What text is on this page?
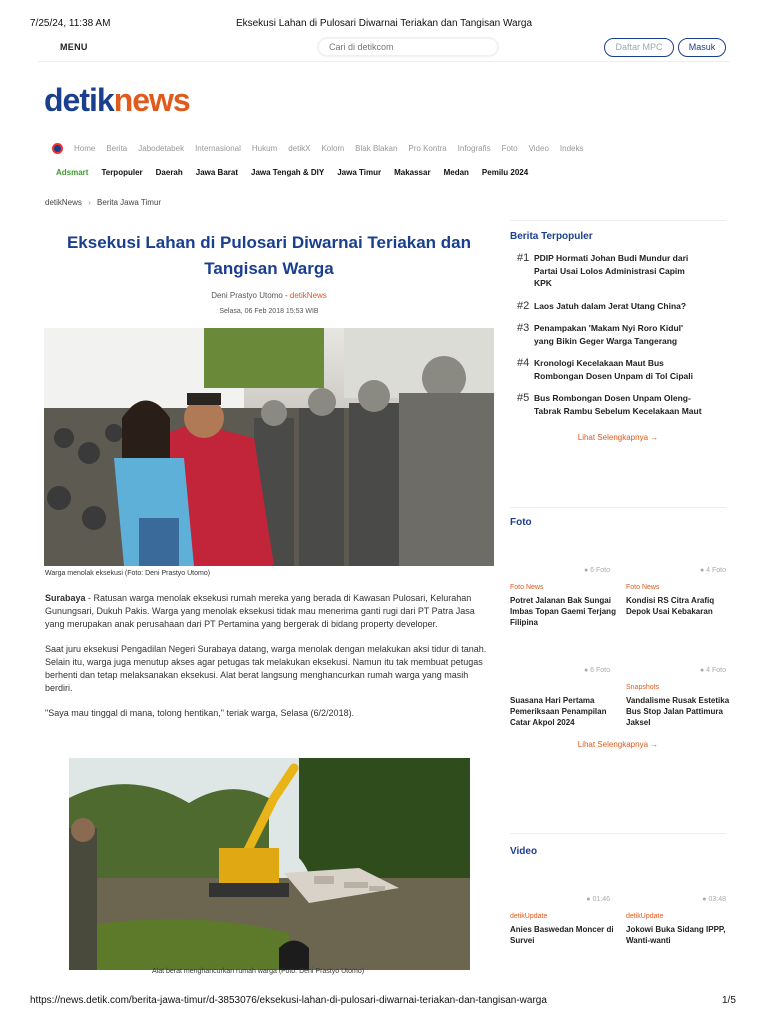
7/25/24, 11:38 AM	Eksekusi Lahan di Pulosari Diwarnai Teriakan dan Tangisan Warga
MENU	Cari di detikcom	Daftar MPC	Masuk
detiknews
Home Berita Jabodetabek Internasional Hukum detikX Kolom Blak Blakan Pro Kontra Infografis Foto Video Indeks
Adsmart Terpopuler Daerah Jawa Barat Jawa Tengah & DIY Jawa Timur Makassar Medan Pemilu 2024
detikNews › Berita Jawa Timur
Eksekusi Lahan di Pulosari Diwarnai Teriakan dan Tangisan Warga
Deni Prastyo Utomo - detikNews
Selasa, 06 Feb 2018 15:53 WIB
Warga menolak eksekusi (Foto: Deni Prastyo Utomo)

Surabaya - Ratusan warga menolak eksekusi rumah mereka yang berada di Kawasan Pulosari, Kelurahan Gunungsari, Dukuh Pakis. Warga yang menolak eksekusi tidak mau menerima ganti rugi dari PT Patra Jasa yang merupakan anak perusahaan dari PT Pertamina yang bergerak di bidang property developer.

Saat juru eksekusi Pengadilan Negeri Surabaya datang, warga menolak dengan melakukan aksi tidur di tanah. Selain itu, warga juga menutup akses agar petugas tak melakukan eksekusi. Namun itu tak membuat petugas berhenti dan tetap melaksanakan eksekusi. Alat berat langsung menghancurkan rumah warga yang masih berdiri.

"Saya mau tinggal di mana, tolong hentikan," teriak warga, Selasa (6/2/2018).

Alat berat menghancurkan rumah warga (Foto: Deni Prastyo Utomo)
Berita Terpopuler
#1 PDIP Hormati Johan Budi Mundur dari Partai Usai Lolos Administrasi Capim KPK
#2 Laos Jatuh dalam Jerat Utang China?
#3 Penampakan 'Makam Nyi Roro Kidul' yang Bikin Geger Warga Tangerang
#4 Kronologi Kecelakaan Maut Bus Rombongan Dosen Unpam di Tol Cipali
#5 Bus Rombongan Dosen Unpam Oleng-Tabrak Rambu Sebelum Kecelakaan Maut
Lihat Selengkapnya →
Foto
● 6 Foto
Foto News
Potret Jalanan Bak Sungai Imbas Topan Gaemi Terjang Filipina
● 4 Foto
Foto News
Kondisi RS Citra Arafiq Depok Usai Kebakaran
● 6 Foto
Suasana Hari Pertama Pemeriksaan Penampilan Catar Akpol 2024
● 4 Foto
Snapshots
Vandalisme Rusak Estetika Bus Stop Jalan Pattimura Jaksel
Lihat Selengkapnya →
Video
● 01:46
detikUpdate
Anies Baswedan Moncer di Survei
● 03:48
detikUpdate
Jokowi Buka Sidang IPPP, Wanti-wanti
https://news.detik.com/berita-jawa-timur/d-3853076/eksekusi-lahan-di-pulosari-diwarnai-teriakan-dan-tangisan-warga	1/5
